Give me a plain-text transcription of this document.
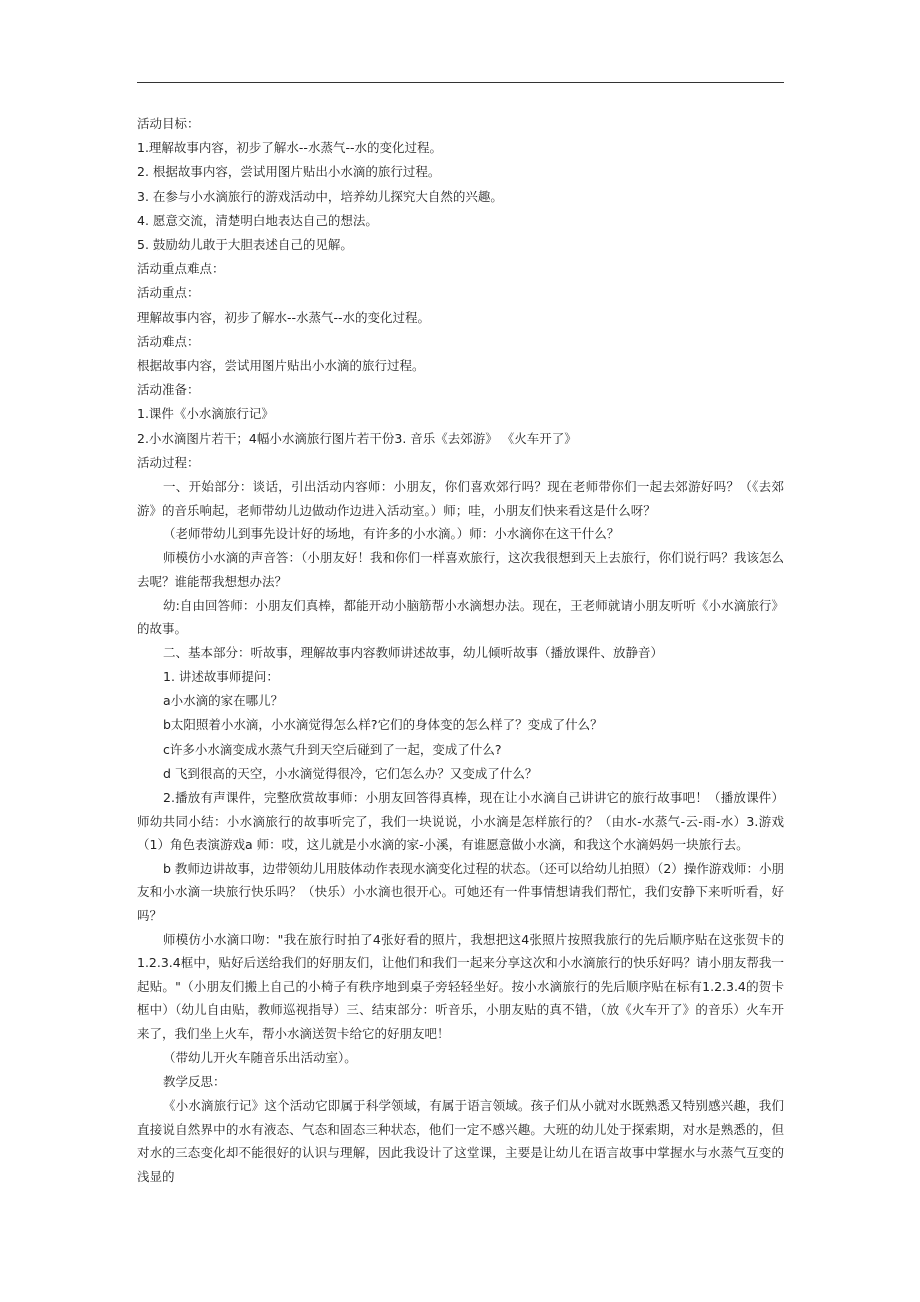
活动目标：

1.理解故事内容，初步了解水--水蒸气--水的变化过程。

2. 根据故事内容，尝试用图片贴出小水滴的旅行过程。

3. 在参与小水滴旅行的游戏活动中，培养幼儿探究大自然的兴趣。

4. 愿意交流，清楚明白地表达自己的想法。

5. 鼓励幼儿敢于大胆表述自己的见解。

活动重点难点：

活动重点：

理解故事内容，初步了解水--水蒸气--水的变化过程。

活动难点：

根据故事内容，尝试用图片贴出小水滴的旅行过程。

活动准备：

1.课件《小水滴旅行记》

2.小水滴图片若干；4幅小水滴旅行图片若干份3. 音乐《去郊游》 《火车开了》

活动过程：

一、开始部分：谈话，引出活动内容师：小朋友，你们喜欢郊行吗？现在老师带你们一起去郊游好吗？（《去郊游》的音乐响起，老师带幼儿边做动作边进入活动室。）师；哇，小朋友们快来看这是什么呀？

（老师带幼儿到事先设计好的场地，有许多的小水滴。）师：小水滴你在这干什么？

师模仿小水滴的声音答：（小朋友好！我和你们一样喜欢旅行，这次我很想到天上去旅行，你们说行吗？我该怎么去呢？谁能帮我想想办法？

幼:自由回答师：小朋友们真棒，都能开动小脑筋帮小水滴想办法。现在，王老师就请小朋友听听《小水滴旅行》的故事。

二、基本部分：听故事，理解故事内容教师讲述故事，幼儿倾听故事（播放课件、放静音）

1. 讲述故事师提问：

a小水滴的家在哪儿？

b太阳照着小水滴，小水滴觉得怎么样?它们的身体变的怎么样了？变成了什么？

c许多小水滴变成水蒸气升到天空后碰到了一起，变成了什么?

d 飞到很高的天空，小水滴觉得很冷，它们怎么办？又变成了什么？

2.播放有声课件，完整欣赏故事师：小朋友回答得真棒，现在让小水滴自己讲讲它的旅行故事吧！（播放课件）师幼共同小结：小水滴旅行的故事听完了，我们一块说说，小水滴是怎样旅行的？（由水-水蒸气-云-雨-水）3.游戏（1）角色表演游戏a 师：哎，这儿就是小水滴的家-小溪，有谁愿意做小水滴，和我这个水滴妈妈一块旅行去。

b 教师边讲故事，边带领幼儿用肢体动作表现水滴变化过程的状态。（还可以给幼儿拍照）（2）操作游戏师：小朋友和小水滴一块旅行快乐吗？（快乐）小水滴也很开心。可她还有一件事情想请我们帮忙，我们安静下来听听看，好吗？

师模仿小水滴口吻："我在旅行时拍了4张好看的照片，我想把这4张照片按照我旅行的先后顺序贴在这张贺卡的1.2.3.4框中，贴好后送给我们的好朋友们，让他们和我们一起来分享这次和小水滴旅行的快乐好吗？请小朋友帮我一起贴。"（小朋友们搬上自己的小椅子有秩序地到桌子旁轻轻坐好。按小水滴旅行的先后顺序贴在标有1.2.3.4的贺卡框中）（幼儿自由贴，教师巡视指导）三、结束部分：听音乐，小朋友贴的真不错，（放《火车开了》的音乐）火车开来了，我们坐上火车，帮小水滴送贺卡给它的好朋友吧！

（带幼儿开火车随音乐出活动室）。

教学反思：

《小水滴旅行记》这个活动它即属于科学领域，有属于语言领域。孩子们从小就对水既熟悉又特别感兴趣，我们直接说自然界中的水有液态、气态和固态三种状态，他们一定不感兴趣。大班的幼儿处于探索期，对水是熟悉的，但对水的三态变化却不能很好的认识与理解，因此我设计了这堂课，主要是让幼儿在语言故事中掌握水与水蒸气互变的浅显的
